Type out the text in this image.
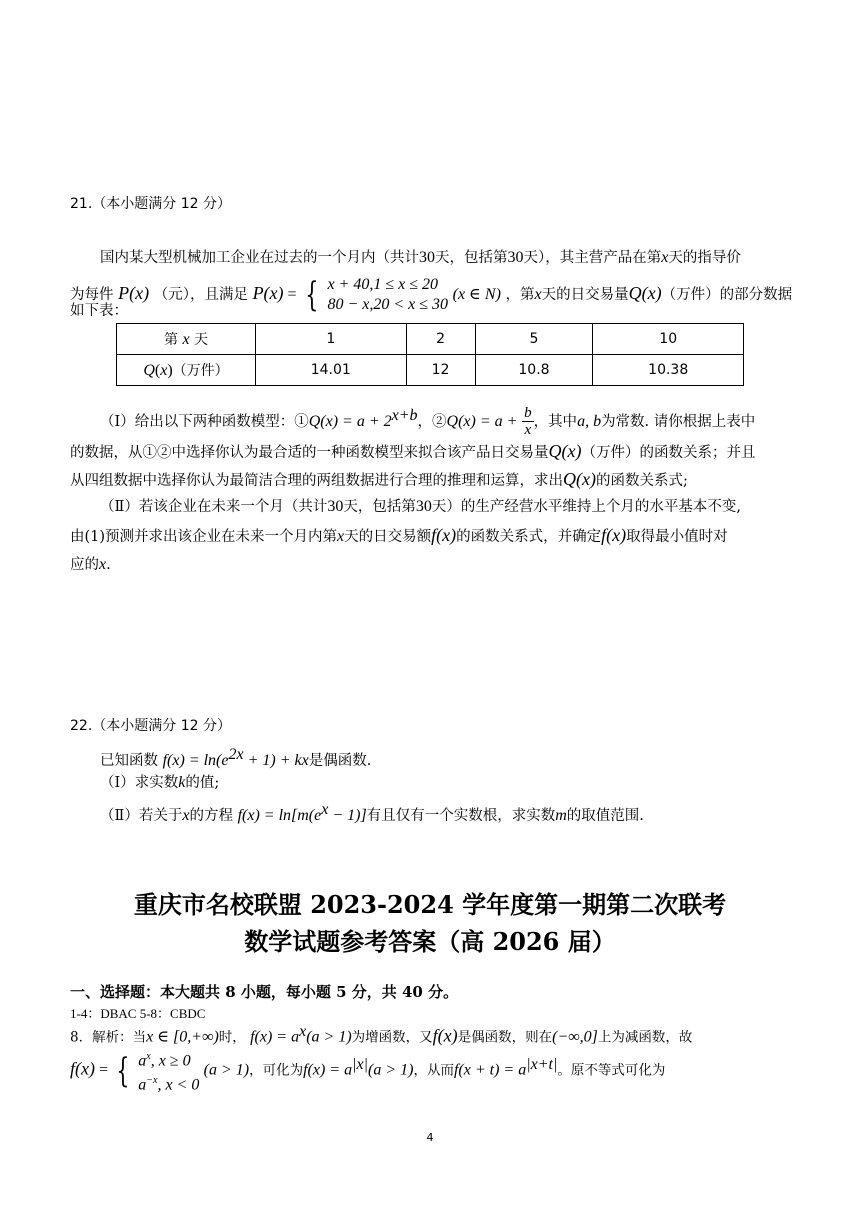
21.（本小题满分 12 分）
国内某大型机械加工企业在过去的一个月内（共计30天，包括第30天），其主营产品在第x天的指导价
为每件 P(x) （元），且满足 P(x) = { x + 40,1 ≤ x ≤ 20
80 − x,20 < x ≤ 30
(x ∈ N) ，第x天的日交易量Q(x)（万件）的部分数据
如下表：
第 x 天	1	2	5	10
Q(x)（万件）	14.01	12	10.8	10.38
（Ⅰ）给出以下两种函数模型：①Q(x) = $a + 2^{x+b}$，②Q(x) = $a + \frac{b}{x}$ ，其中a, b为常数. 请你根据上表中
的数据，从①②中选择你认为最合适的一种函数模型来拟合该产品日交易量Q(x)（万件）的函数关系；并且
从四组数据中选择你认为最简洁合理的两组数据进行合理的推理和运算，求出Q(x)的函数关系式;
（Ⅱ）若该企业在未来一个月（共计30天，包括第30天）的生产经营水平维持上个月的水平基本不变,
由(1)预测并求出该企业在未来一个月内第x天的日交易额f(x)的函数关系式，并确定f(x)取得最小值时对
应的x.
22.（本小题满分 12 分）
已知函数 $f(x) = \ln(e^{2x} + 1)$ + kx是偶函数.
（Ⅰ）求实数k的值;
（Ⅱ）若关于x的方程 $f(x) = \ln[m(e^x - 1)]$有且仅有一个实数根，求实数m的取值范围.
重庆市名校联盟 2023-2024 学年度第一期第二次联考
数学试题参考答案（高 2026 届）
一、选择题：本大题共 8 小题，每小题 5 分，共 40 分。
1-4：DBAC 5-8：CBDC
8．解析：当x ∈ [0,+∞)时， $f(x) = a^x(a > 1)$为增函数，又f(x)是偶函数，则在(−∞,0]上为减函数，故
f(x) = { $a^x$, x ≥ 0
$a^{-x}$, x < 0
(a > 1)，可化为$f(x) = a^{|x|}(a > 1)$，从而$f(x + t) = a^{|x+t|}$。原不等式可化为
4
